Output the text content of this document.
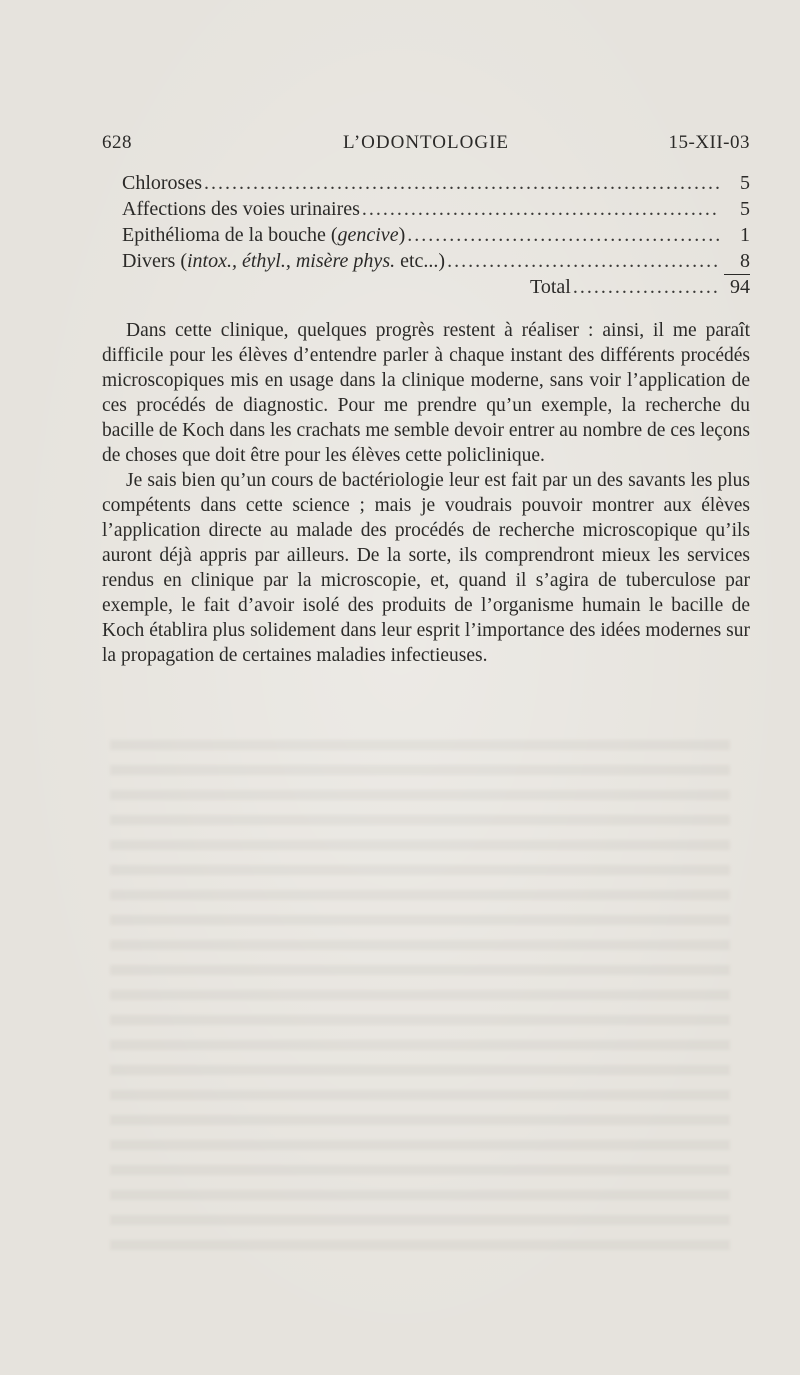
628	L’ODONTOLOGIE	15-XII-03
Chloroses .....	5
Affections des voies urinaires .....	5
Epithélioma de la bouche (gencive) .....	1
Divers (intox., éthyl., misère phys. etc...) .....	8
Total .....	94

Dans cette clinique, quelques progrès restent à réaliser : ainsi, il me paraît difficile pour les élèves d’entendre parler à chaque instant des différents procédés microscopiques mis en usage dans la clinique moderne, sans voir l’application de ces procédés de diagnostic. Pour me prendre qu’un exemple, la recherche du bacille de Koch dans les crachats me semble devoir entrer au nombre de ces leçons de choses que doit être pour les élèves cette policlinique.

Je sais bien qu’un cours de bactériologie leur est fait par un des savants les plus compétents dans cette science ; mais je voudrais pouvoir montrer aux élèves l’application directe au malade des procédés de recherche microscopique qu’ils auront déjà appris par ailleurs. De la sorte, ils comprendront mieux les services rendus en clinique par la microscopie, et, quand il s’agira de tuberculose par exemple, le fait d’avoir isolé des produits de l’organisme humain le bacille de Koch établira plus solidement dans leur esprit l’importance des idées modernes sur la propagation de certaines maladies infectieuses.
